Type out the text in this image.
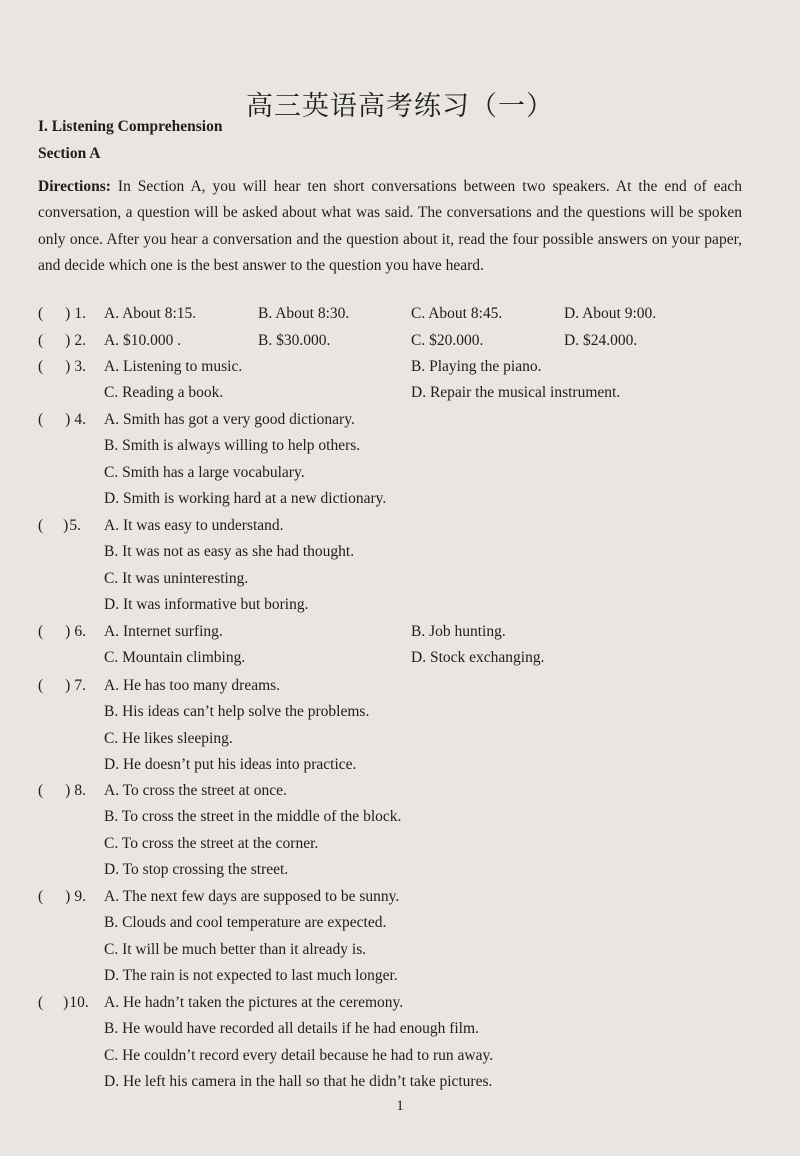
高三英语高考练习（一）
I. Listening Comprehension
Section A

Directions: In Section A, you will hear ten short conversations between two speakers. At the end of each conversation, a question will be asked about what was said. The conversations and the questions will be spoken only once. After you hear a conversation and the question about it, read the four possible answers on your paper, and decide which one is the best answer to the question you have heard.

( ) 1. A. About 8:15.	B. About 8:30.	C. About 8:45.	D. About 9:00.
( ) 2. A. $10.000 .	B. $30.000.	C. $20.000.	D. $24.000.
( ) 3. A. Listening to music.	B. Playing the piano.
C. Reading a book.	D. Repair the musical instrument.
( ) 4. A. Smith has got a very good dictionary.
B. Smith is always willing to help others.
C. Smith has a large vocabulary.
D. Smith is working hard at a new dictionary.
( )5. A. It was easy to understand.
B. It was not as easy as she had thought.
C. It was uninteresting.
D. It was informative but boring.
( ) 6. A. Internet surfing.	B. Job hunting.
C. Mountain climbing.	D. Stock exchanging.
( ) 7. A. He has too many dreams.
B. His ideas can’t help solve the problems.
C. He likes sleeping.
D. He doesn’t put his ideas into practice.
( ) 8. A. To cross the street at once.
B. To cross the street in the middle of the block.
C. To cross the street at the corner.
D. To stop crossing the street.
( ) 9. A. The next few days are supposed to be sunny.
B. Clouds and cool temperature are expected.
C. It will be much better than it already is.
D. The rain is not expected to last much longer.
( )10. A. He hadn’t taken the pictures at the ceremony.
B. He would have recorded all details if he had enough film.
C. He couldn’t record every detail because he had to run away.
D. He left his camera in the hall so that he didn’t take pictures.
1
